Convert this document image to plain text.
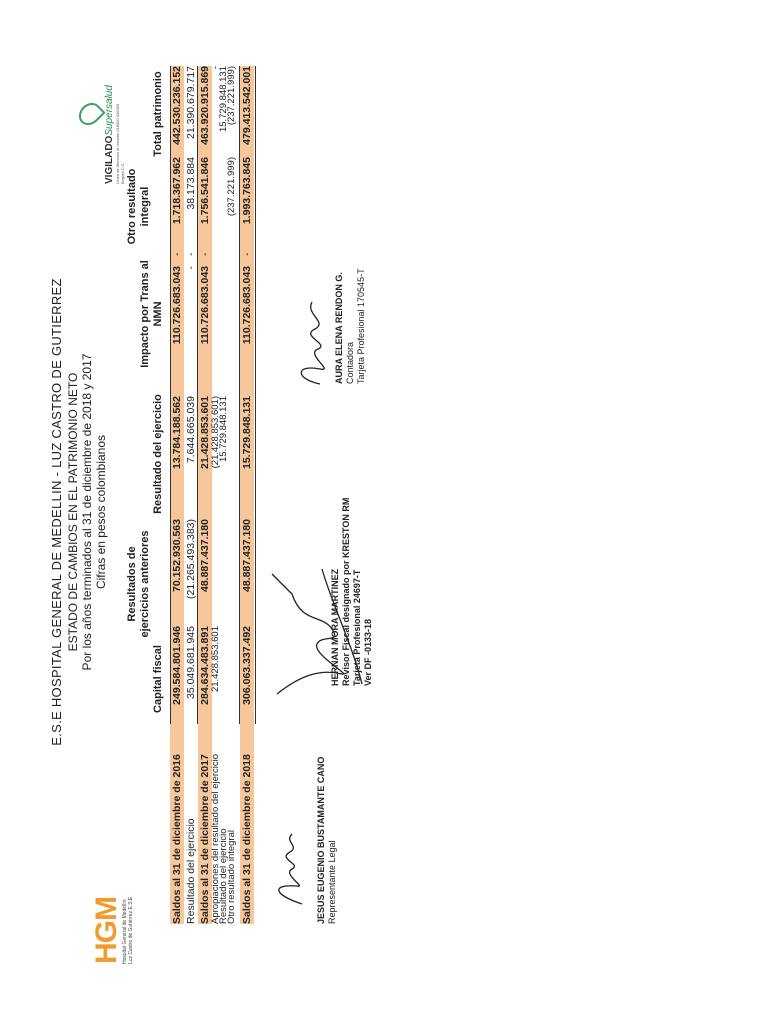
HGM Hospital General de Medellín Luz Castro de Gutiérrez E.S.E.
VIGILADOSupersalud Línea de Atención al Usuario 018000 910383 Bogotá D.C.
E.S.E HOSPITAL GENERAL DE MEDELLIN - LUZ CASTRO DE GUTIERREZ ESTADO DE CAMBIOS EN EL PATRIMONIO NETO Por los años terminados al 31 de diciembre de 2018 y 2017 Cifras en pesos colombianos
Capital fiscal
Resultados de ejercicios anteriores
Resultado del ejercicio
Impacto por Trans al NMN
Otro resultado integral
Total patrimonio
Saldos al 31 de diciembre de 2016
249.584.801.946
70.152.930.563
13.784.188.562
110.726.683.043
1.718.367.962
442.530.236.152
-
Resultado del ejercicio
35.049.681.945
(21.265.493.383)
7.644.665.039
-
38.173.884
21.390.679.717
-
Saldos al 31 de diciembre de 2017
284.634.483.891
48.887.437.180
21.428.853.601
110.726.683.043
1.756.541.846
463.920.915.869
-
Apropiaciones del resultado del ejercicio
21.428.853.601
(21.428.853.601)
-
Resultado del ejercicio
15.729.848.131
15.729.848.131
Otro resultado integral
(237.221.999)
(237.221.999)
Saldos al 31 de diciembre de 2018
306.063.337.492
48.887.437.180
15.729.848.131
110.726.683.043
1.993.763.845
479.413.542.001
-
JESUS EUGENIO BUSTAMANTE CANO Representante Legal
HERNAN MORA MARTINEZ Revisor Fiscal designado por KRESTON RM Tarjeta Profesional 24697-T Ver DF -0133-18
AURA ELENA RENDON G. Contadora Tarjeta Profesional 170545-T
